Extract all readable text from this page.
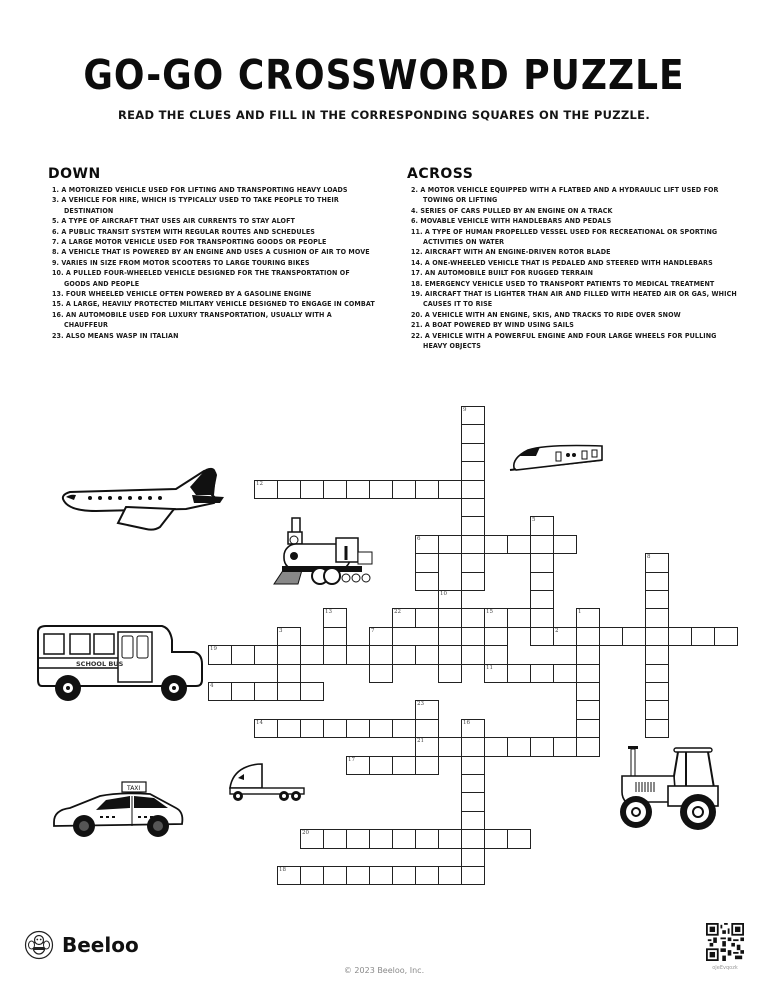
GO-GO CROSSWORD PUZZLE
READ THE CLUES AND FILL IN THE CORRESPONDING SQUARES ON THE PUZZLE.
DOWN
1. A MOTORIZED VEHICLE USED FOR LIFTING AND TRANSPORTING HEAVY LOADS
3. A VEHICLE FOR HIRE, WHICH IS TYPICALLY USED TO TAKE PEOPLE TO THEIR DESTINATION
5. A TYPE OF AIRCRAFT THAT USES AIR CURRENTS TO STAY ALOFT
6. A PUBLIC TRANSIT SYSTEM WITH REGULAR ROUTES AND SCHEDULES
7. A LARGE MOTOR VEHICLE USED FOR TRANSPORTING GOODS OR PEOPLE
8. A VEHICLE THAT IS POWERED BY AN ENGINE AND USES A CUSHION OF AIR TO MOVE
9. VARIES IN SIZE FROM MOTOR SCOOTERS TO LARGE TOURING BIKES
10. A PULLED FOUR-WHEELED VEHICLE DESIGNED FOR THE TRANSPORTATION OF GOODS AND PEOPLE
13. FOUR WHEELED VEHICLE OFTEN POWERED BY A GASOLINE ENGINE
15. A LARGE, HEAVILY PROTECTED MILITARY VEHICLE DESIGNED TO ENGAGE IN COMBAT
16. AN AUTOMOBILE USED FOR LUXURY TRANSPORTATION, USUALLY WITH A CHAUFFEUR
23. ALSO MEANS WASP IN ITALIAN
ACROSS
2. A MOTOR VEHICLE EQUIPPED WITH A FLATBED AND A HYDRAULIC LIFT USED FOR TOWING OR LIFTING
4. SERIES OF CARS PULLED BY AN ENGINE ON A TRACK
6. MOVABLE VEHICLE WITH HANDLEBARS AND PEDALS
11. A TYPE OF HUMAN PROPELLED VESSEL USED FOR RECREATIONAL OR SPORTING ACTIVITIES ON WATER
12. AIRCRAFT WITH AN ENGINE-DRIVEN ROTOR BLADE
14. A ONE-WHEELED VEHICLE THAT IS PEDALED AND STEERED WITH HANDLEBARS
17. AN AUTOMOBILE BUILT FOR RUGGED TERRAIN
18. EMERGENCY VEHICLE USED TO TRANSPORT PATIENTS TO MEDICAL TREATMENT
19. AIRCRAFT THAT IS LIGHTER THAN AIR AND FILLED WITH HEATED AIR OR GAS, WHICH CAUSES IT TO RISE
20. A VEHICLE WITH AN ENGINE, SKIS, AND TRACKS TO RIDE OVER SNOW
21. A BOAT POWERED BY WIND USING SAILS
22. A VEHICLE WITH A POWERFUL ENGINE AND FOUR LARGE WHEELS FOR PULLING HEAVY OBJECTS
9
12
5
6
8
10
13	22	15
11
1
3	7	2
19
4
23
21
14	16
17
20
18
SCHOOL BUS
TAXI
Beeloo
© 2023 Beeloo, Inc.	oJeEvqozk
